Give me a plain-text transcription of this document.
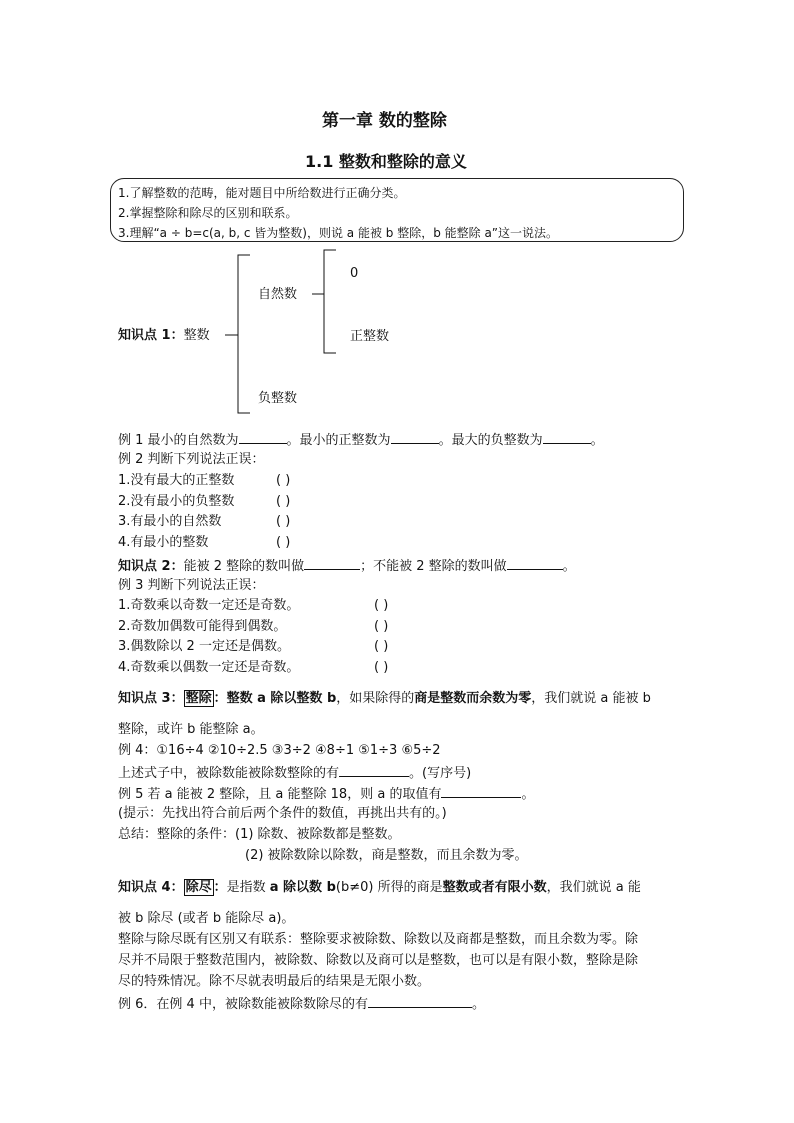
第一章 数的整除
1.1 整数和整除的意义
1.了解整数的范畴，能对题目中所给数进行正确分类。
2.掌握整除和除尽的区别和联系。
3.理解“a ÷ b=c(a, b, c 皆为整数)，则说 a 能被 b 整除，b 能整除 a”这一说法。
知识点 1：整数
自然数
0
正整数
负整数
例 1 最小的自然数为	。最小的正整数为	。最大的负整数为	。
例 2 判断下列说法正误：
1.没有最大的正整数	( )
2.没有最小的负整数	( )
3.有最小的自然数	( )
4.有最小的整数	( )
知识点 2：能被 2 整除的数叫做	；不能被 2 整除的数叫做	。
例 3 判断下列说法正误：
1.奇数乘以奇数一定还是奇数。	( )
2.奇数加偶数可能得到偶数。	( )
3.偶数除以 2 一定还是偶数。	( )
4.奇数乘以偶数一定还是奇数。	( )
知识点 3： 整除 ：整数 a 除以整数 b，如果除得的商是整数而余数为零，我们就说 a 能被 b
整除，或许 b 能整除 a。
例 4：①16÷4 ②10÷2.5 ③3÷2 ④8÷1 ⑤1÷3 ⑥5÷2
上述式子中，被除数能被除数整除的有	。(写序号)
例 5 若 a 能被 2 整除，且 a 能整除 18，则 a 的取值有	。
(提示：先找出符合前后两个条件的数值，再挑出共有的。)
总结：整除的条件：(1) 除数、被除数都是整数。
(2) 被除数除以除数，商是整数，而且余数为零。
知识点 4： 除尽 ：是指数 a 除以数 b(b≠0) 所得的商是整数或者有限小数，我们就说 a 能
被 b 除尽 (或者 b 能除尽 a)。
整除与除尽既有区别又有联系：整除要求被除数、除数以及商都是整数，而且余数为零。除
尽并不局限于整数范围内，被除数、除数以及商可以是整数，也可以是有限小数，整除是除
尽的特殊情况。除不尽就表明最后的结果是无限小数。
例 6．在例 4 中，被除数能被除数除尽的有	。
